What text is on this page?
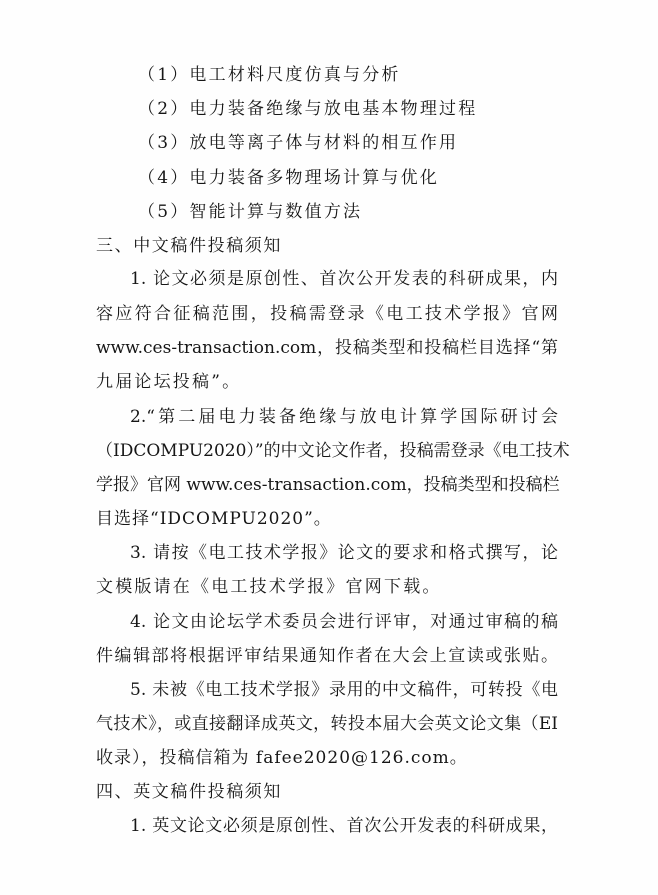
（1）电工材料尺度仿真与分析
（2）电力装备绝缘与放电基本物理过程
（3）放电等离子体与材料的相互作用
（4）电力装备多物理场计算与优化
（5）智能计算与数值方法
三、中文稿件投稿须知
1. 论文必须是原创性、首次公开发表的科研成果，内
容应符合征稿范围，投稿需登录《电工技术学报》官网
www.ces-transaction.com，投稿类型和投稿栏目选择“第
九届论坛投稿”。
2.“第二届电力装备绝缘与放电计算学国际研讨会
（IDCOMPU2020）”的中文论文作者，投稿需登录《电工技术
学报》官网 www.ces-transaction.com，投稿类型和投稿栏
目选择“IDCOMPU2020”。
3. 请按《电工技术学报》论文的要求和格式撰写，论
文模版请在《电工技术学报》官网下载。
4. 论文由论坛学术委员会进行评审，对通过审稿的稿
件编辑部将根据评审结果通知作者在大会上宣读或张贴。
5. 未被《电工技术学报》录用的中文稿件，可转投《电
气技术》，或直接翻译成英文，转投本届大会英文论文集（EI
收录），投稿信箱为 fafee2020@126.com。
四、英文稿件投稿须知
1. 英文论文必须是原创性、首次公开发表的科研成果，
